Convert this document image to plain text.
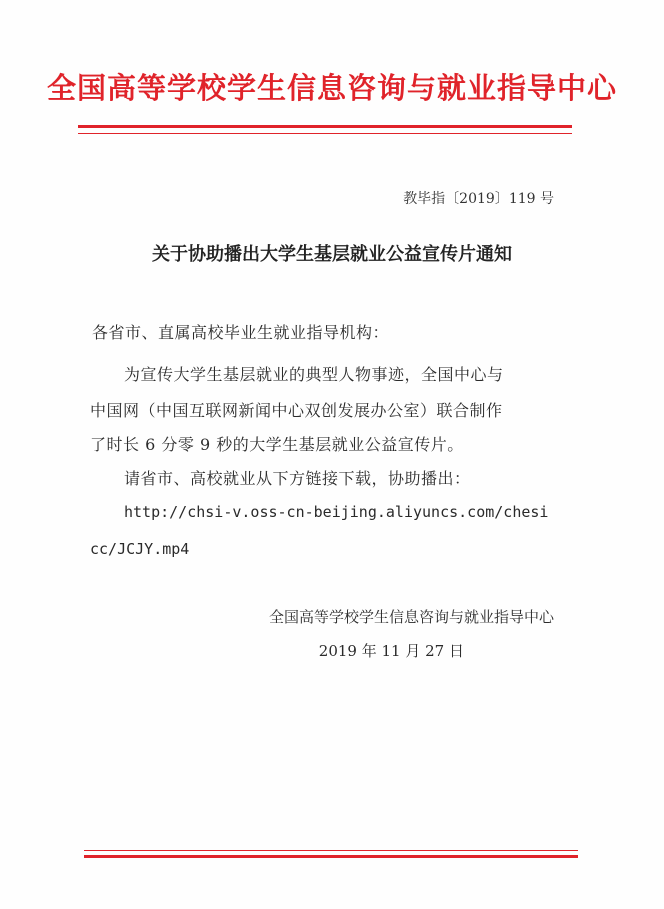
全国高等学校学生信息咨询与就业指导中心
教毕指〔2019〕119 号
关于协助播出大学生基层就业公益宣传片通知
各省市、直属高校毕业生就业指导机构：
为宣传大学生基层就业的典型人物事迹，全国中心与
中国网（中国互联网新闻中心双创发展办公室）联合制作
了时长 6 分零 9 秒的大学生基层就业公益宣传片。
请省市、高校就业从下方链接下载，协助播出：
http://chsi-v.oss-cn-beijing.aliyuncs.com/chesi
cc/JCJY.mp4
全国高等学校学生信息咨询与就业指导中心
2019 年 11 月 27 日
